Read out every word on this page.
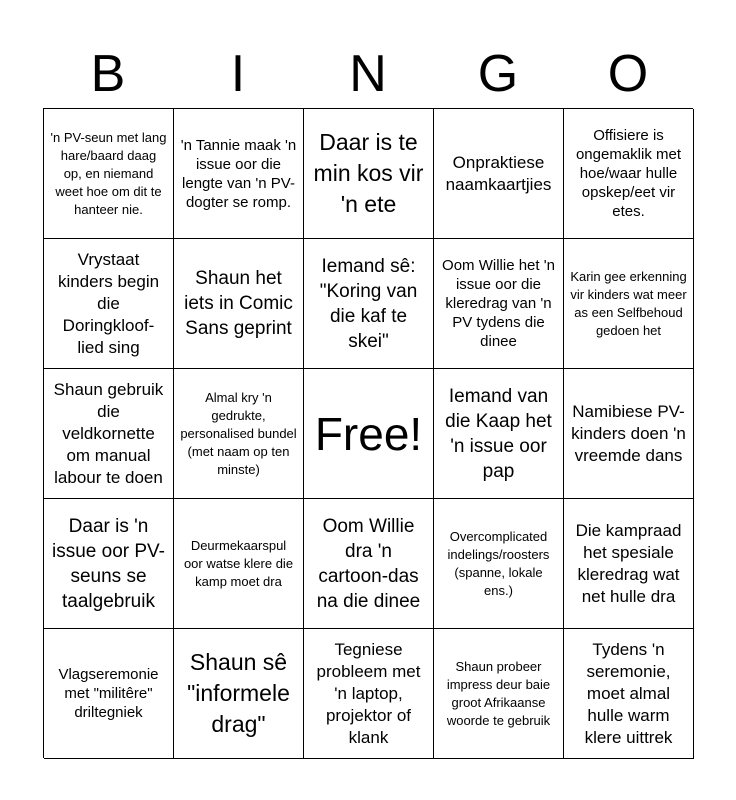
B	I	N	G	O
'n PV-seun met lang hare/baard daag op, en niemand weet hoe om dit te hanteer nie.
'n Tannie maak 'n issue oor die lengte van 'n PV-dogter se romp.
Daar is te min kos vir 'n ete
Onpraktiese naamkaartjies
Offisiere is ongemaklik met hoe/waar hulle opskep/eet vir etes.
Vrystaat kinders begin die Doringkloof-lied sing
Shaun het iets in Comic Sans geprint
Iemand sê: "Koring van die kaf te skei"
Oom Willie het 'n issue oor die kleredrag van 'n PV tydens die dinee
Karin gee erkenning vir kinders wat meer as een Selfbehoud gedoen het
Shaun gebruik die veldkornette om manual labour te doen
Almal kry 'n gedrukte, personalised bundel (met naam op ten minste)
Free!
Iemand van die Kaap het 'n issue oor pap
Namibiese PV-kinders doen 'n vreemde dans
Daar is 'n issue oor PV-seuns se taalgebruik
Deurmekaarspul oor watse klere die kamp moet dra
Oom Willie dra 'n cartoon-das na die dinee
Overcomplicated indelings/roosters (spanne, lokale ens.)
Die kampraad het spesiale kleredrag wat net hulle dra
Vlagseremonie met "militêre" driltegniek
Shaun sê "informele drag"
Tegniese probleem met 'n laptop, projektor of klank
Shaun probeer impress deur baie groot Afrikaanse woorde te gebruik
Tydens 'n seremonie, moet almal hulle warm klere uittrek
